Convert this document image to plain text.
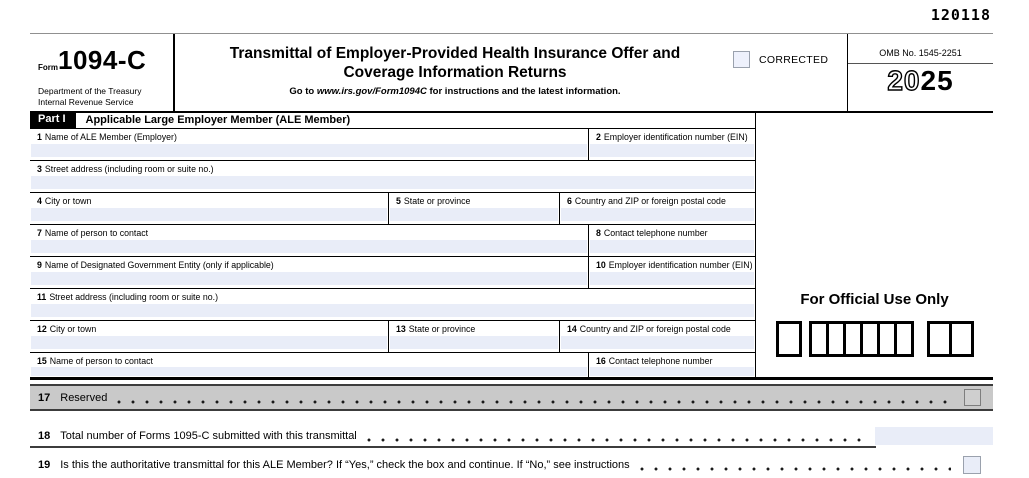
120118
Form1094-C
Department of the Treasury
Internal Revenue Service
Transmittal of Employer-Provided Health Insurance Offer and
Coverage Information Returns
Go to www.irs.gov/Form1094C for instructions and the latest information.
CORRECTED
OMB No. 1545-2251
2025
Part I	Applicable Large Employer Member (ALE Member)
1 Name of ALE Member (Employer)	2 Employer identification number (EIN)
3 Street address (including room or suite no.)
4 City or town	5 State or province	6 Country and ZIP or foreign postal code
7 Name of person to contact	8 Contact telephone number
9 Name of Designated Government Entity (only if applicable)	10 Employer identification number (EIN)
11 Street address (including room or suite no.)
12 City or town	13 State or province	14 Country and ZIP or foreign postal code
15 Name of person to contact	16 Contact telephone number
For Official Use Only
17 Reserved
18 Total number of Forms 1095-C submitted with this transmittal
19 Is this the authoritative transmittal for this ALE Member? If “Yes,” check the box and continue. If “No,” see instructions
